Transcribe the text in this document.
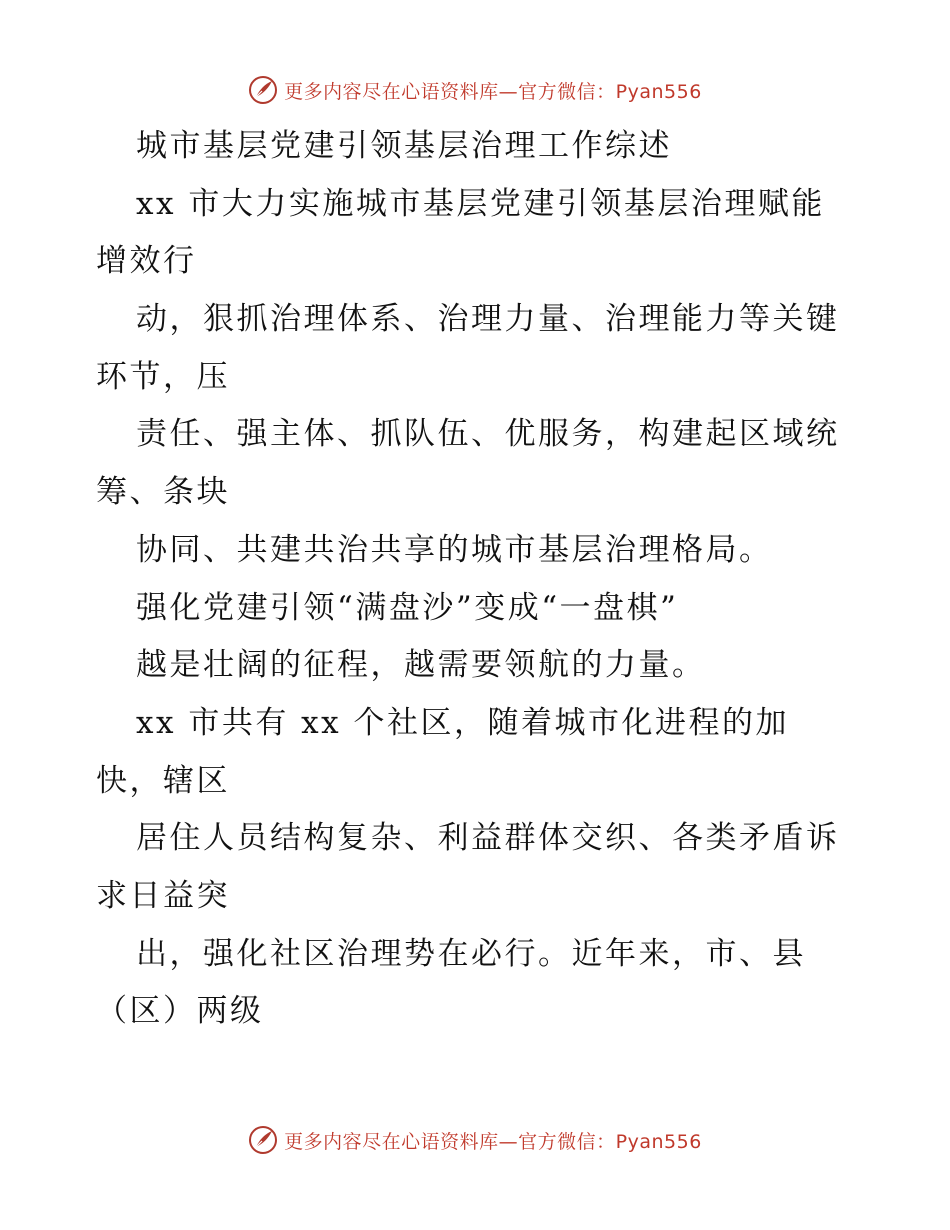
更多内容尽在心语资料库—官方微信：Pyan556
城市基层党建引领基层治理工作综述
xx 市大力实施城市基层党建引领基层治理赋能
增效行
动，狠抓治理体系、治理力量、治理能力等关键
环节，压
责任、强主体、抓队伍、优服务，构建起区域统
筹、条块
协同、共建共治共享的城市基层治理格局。
强化党建引领“满盘沙”变成“一盘棋”
越是壮阔的征程，越需要领航的力量。
xx 市共有 xx 个社区，随着城市化进程的加
快，辖区
居住人员结构复杂、利益群体交织、各类矛盾诉
求日益突
出，强化社区治理势在必行。近年来，市、县
（区）两级
更多内容尽在心语资料库—官方微信：Pyan556
